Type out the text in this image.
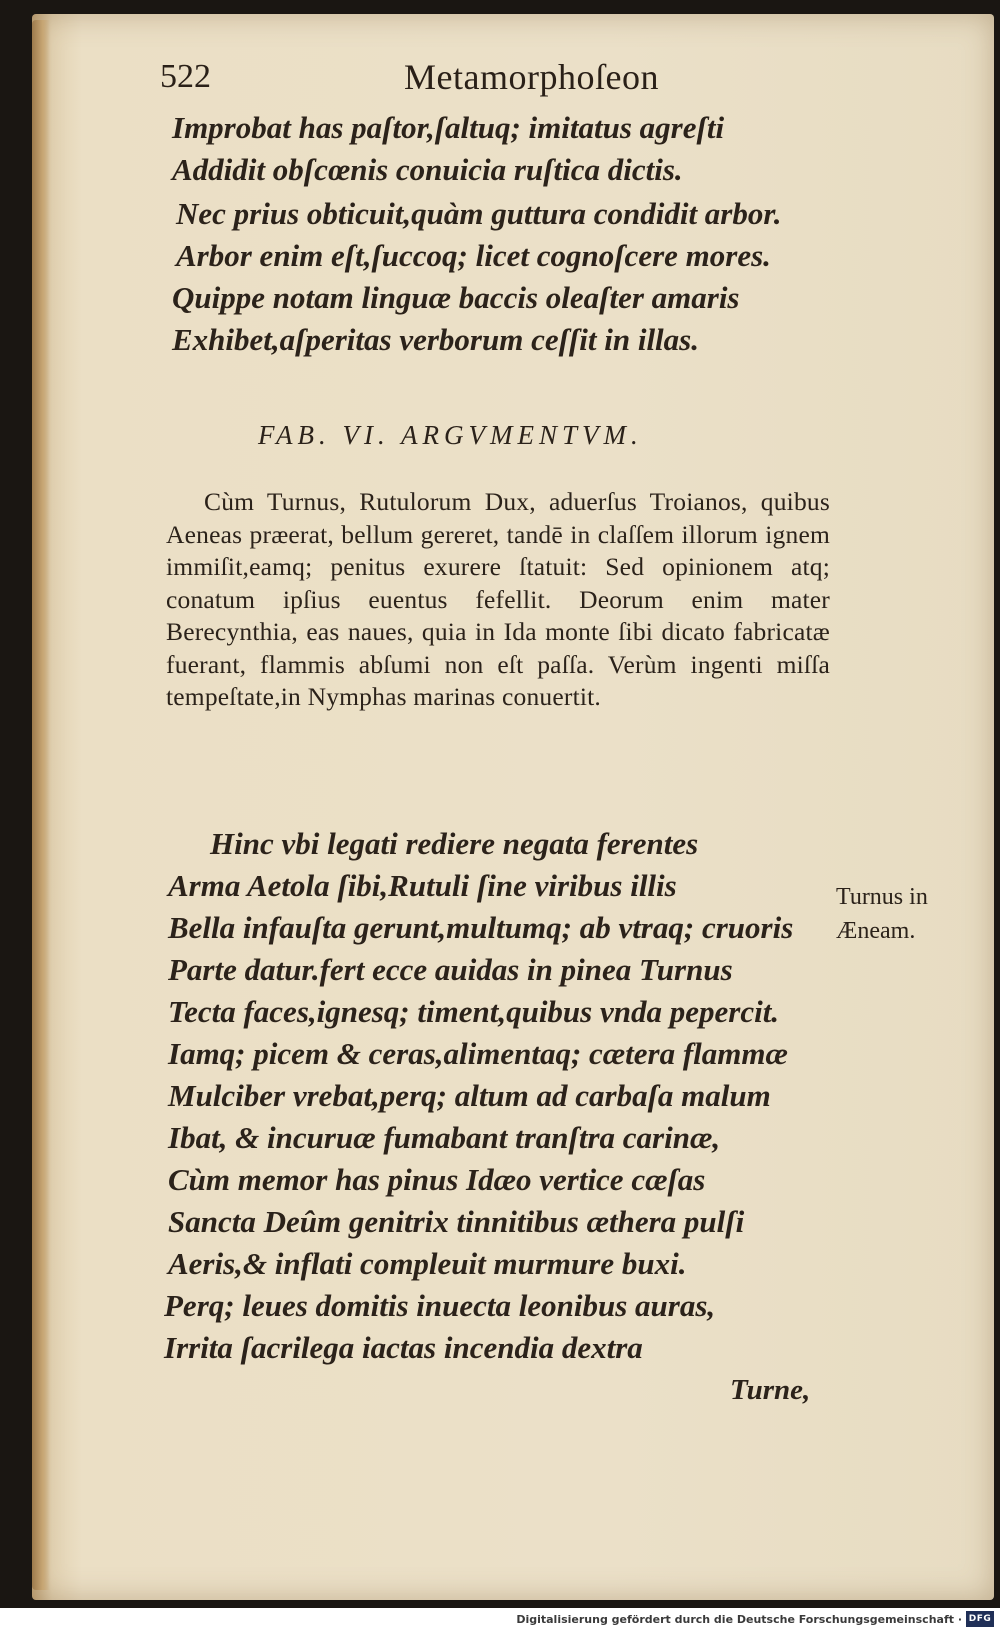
522	Metamorphoſeon
Improbat has paſtor,ſaltuq; imitatus agreſti
Addidit obſcœnis conuicia ruſtica dictis.
Nec prius obticuit,quàm guttura condidit arbor.
Arbor enim eſt,ſuccoq; licet cognoſcere mores.
Quippe notam linguæ baccis oleaſter amaris
Exhibet,aſperitas verborum ceſſit in illas.
FAB. VI. ARGVMENTVM.

Cùm Turnus, Rutulorum Dux, aduerſus Troianos, quibus Aeneas præerat, bellum gereret, tandē in claſſem illorum ignem immiſit,eamq; penitus exurere ſtatuit: Sed opinionem atq; conatum ipſius euentus fefellit. Deorum enim mater Berecynthia, eas naues, quia in Ida monte ſibi dicato fabricatæ fuerant, flammis abſumi non eſt paſſa. Verùm ingenti miſſa tempeſtate,in Nymphas marinas conuertit.

Hinc vbi legati rediere negata ferentes
Arma Aetola ſibi,Rutuli ſine viribus illis
Bella infauſta gerunt,multumq; ab vtraq; cruoris
Parte datur.fert ecce auidas in pinea Turnus
Tecta faces,ignesq; timent,quibus vnda pepercit.
Iamq; picem & ceras,alimentaq; cætera flammæ
Mulciber vrebat,perq; altum ad carbaſa malum
Ibat, & incuruæ fumabant tranſtra carinæ,
Cùm memor has pinus Idæo vertice cæſas
Sancta Deûm genitrix tinnitibus æthera pulſi
Aeris,& inflati compleuit murmure buxi.
Perq; leues domitis inuecta leonibus auras,
Irrita ſacrilega iactas incendia dextra
Turnus in
Æneam.
Turne,
Digitalisierung gefördert durch die Deutsche Forschungsgemeinschaft · DFG
